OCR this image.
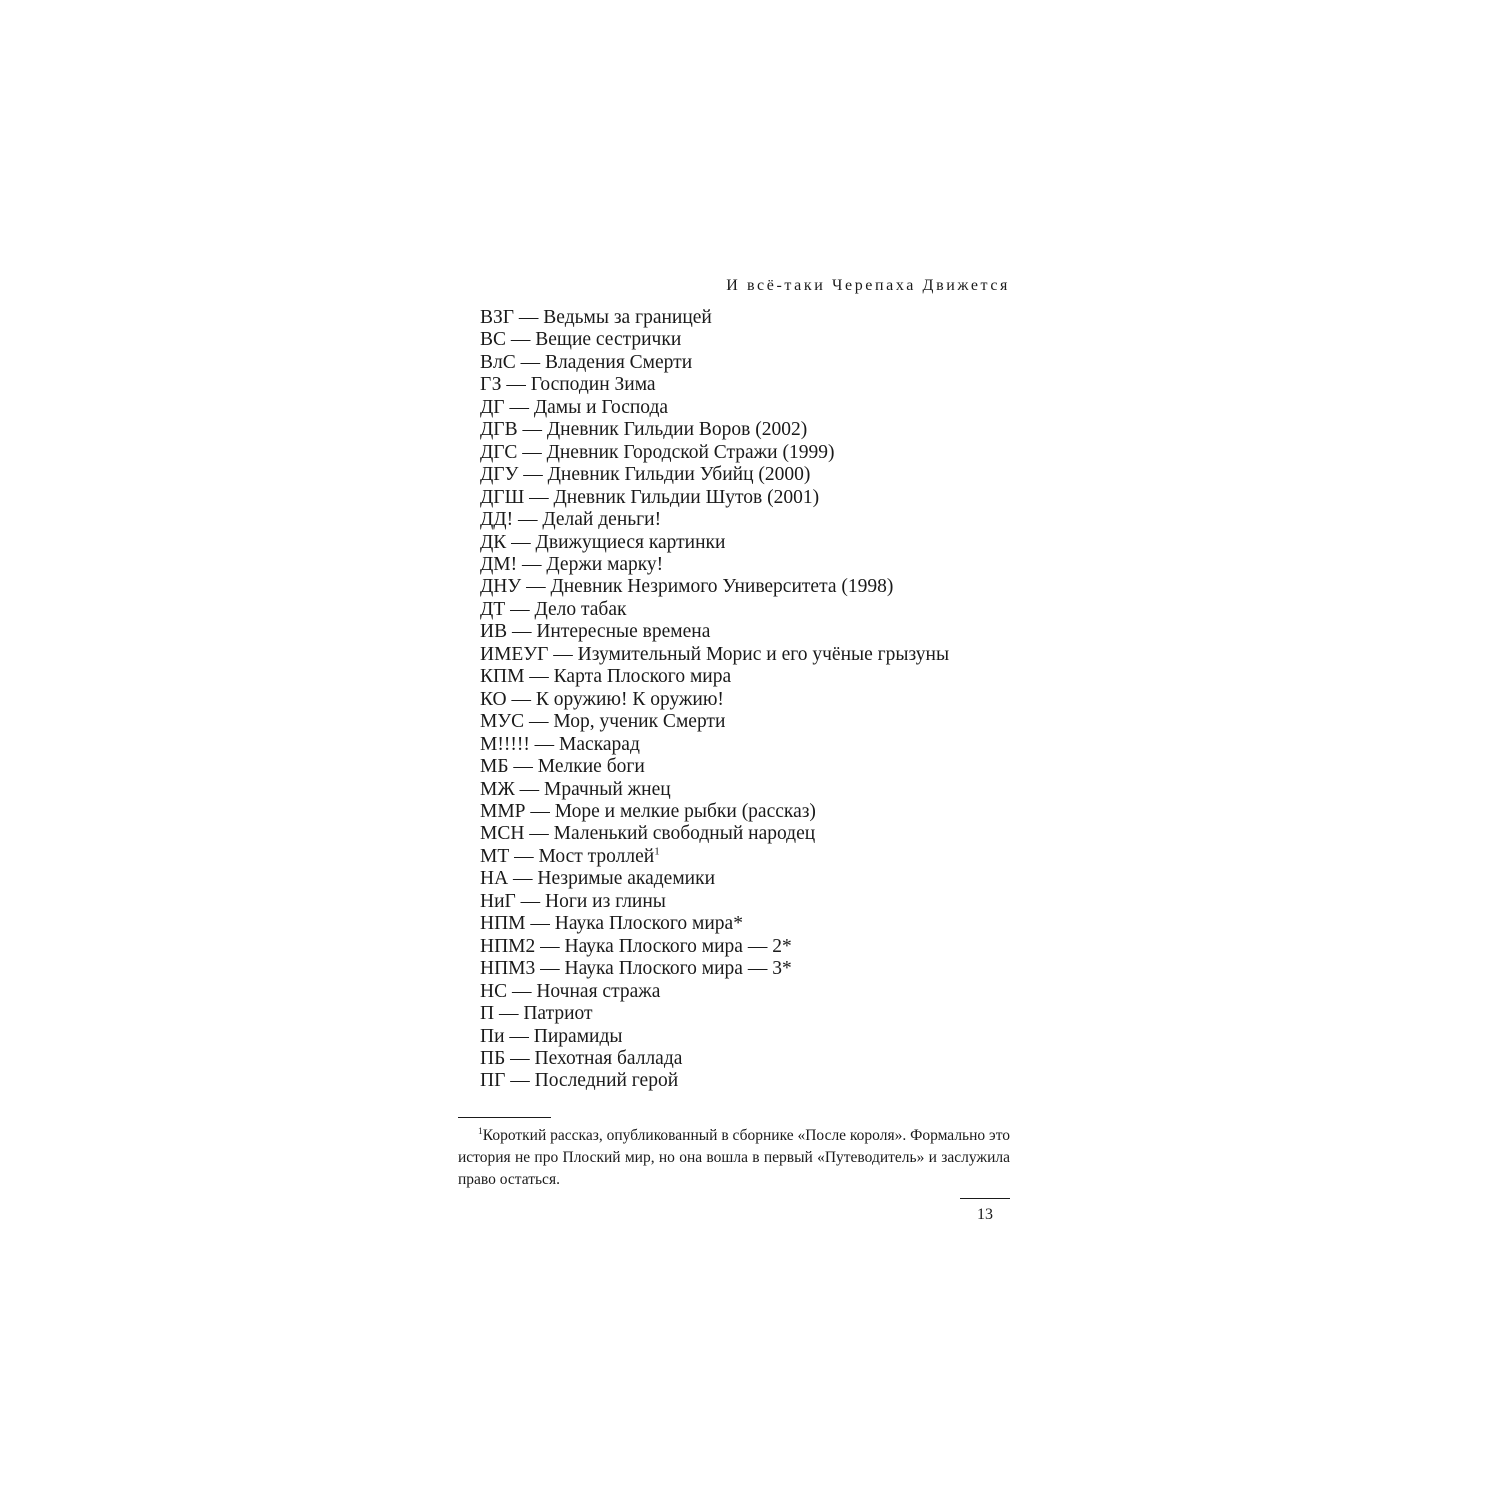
И всё-таки Черепаха Движется
ВЗГ — Ведьмы за границей
ВС — Вещие сестрички
ВлС — Владения Смерти
ГЗ — Господин Зима
ДГ — Дамы и Господа
ДГВ — Дневник Гильдии Воров (2002)
ДГС — Дневник Городской Стражи (1999)
ДГУ — Дневник Гильдии Убийц (2000)
ДГШ — Дневник Гильдии Шутов (2001)
ДД! — Делай деньги!
ДК — Движущиеся картинки
ДМ! — Держи марку!
ДНУ — Дневник Незримого Университета (1998)
ДТ — Дело табак
ИВ — Интересные времена
ИМЕУГ — Изумительный Морис и его учёные грызуны
КПМ — Карта Плоского мира
КО — К оружию! К оружию!
МУС — Мор, ученик Смерти
М!!!!! — Маскарад
МБ — Мелкие боги
МЖ — Мрачный жнец
ММР — Море и мелкие рыбки (рассказ)
МСН — Маленький свободный народец
МТ — Мост троллей$^1$
НА — Незримые академики
НиГ — Ноги из глины
НПМ — Наука Плоского мира*
НПМ2 — Наука Плоского мира — 2*
НПМ3 — Наука Плоского мира — 3*
НС — Ночная стража
П — Патриот
Пи — Пирамиды
ПБ — Пехотная баллада
ПГ — Последний герой

$^1$Короткий рассказ, опубликованный в сборнике «После короля». Формально это история не про Плоский мир, но она вошла в первый «Путеводитель» и заслужила право остаться.

13
